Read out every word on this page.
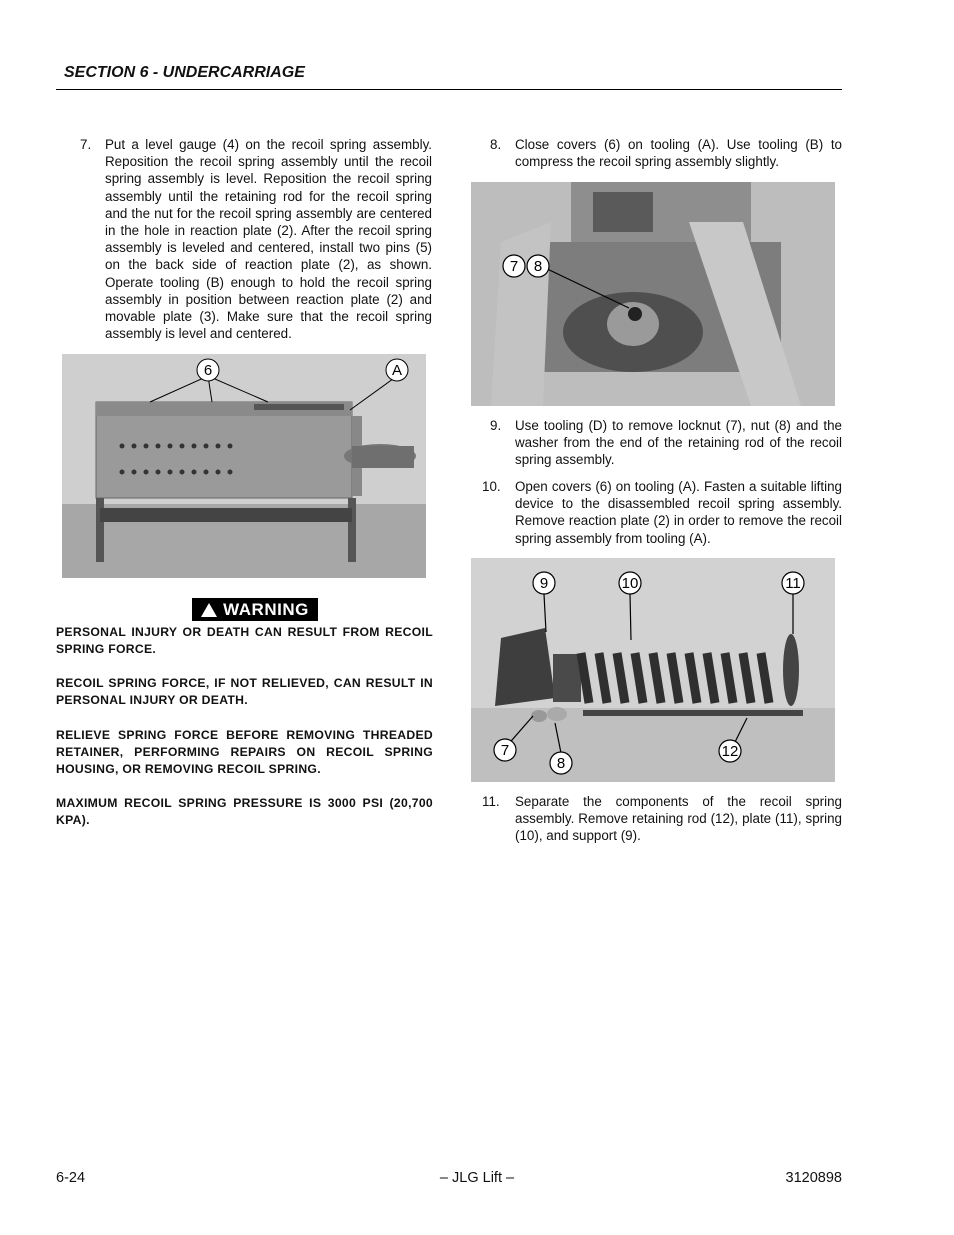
SECTION 6 - UNDERCARRIAGE
7. Put a level gauge (4) on the recoil spring assembly. Reposition the recoil spring assembly until the recoil spring assembly is level. Reposition the recoil spring assembly until the retaining rod for the recoil spring and the nut for the recoil spring assembly are centered in the hole in reaction plate (2). After the recoil spring assembly is leveled and centered, install two pins (5) on the back side of reaction plate (2), as shown. Operate tooling (B) enough to hold the recoil spring assembly in position between reaction plate (2) and movable plate (3). Make sure that the recoil spring assembly is level and centered.
6	A
WARNING
PERSONAL INJURY OR DEATH CAN RESULT FROM RECOIL SPRING FORCE.
RECOIL SPRING FORCE, IF NOT RELIEVED, CAN RESULT IN PERSONAL INJURY OR DEATH.
RELIEVE SPRING FORCE BEFORE REMOVING THREADED RETAINER, PERFORMING REPAIRS ON RECOIL SPRING HOUSING, OR REMOVING RECOIL SPRING.
MAXIMUM RECOIL SPRING PRESSURE IS 3000 PSI (20,700 KPA).
8. Close covers (6) on tooling (A). Use tooling (B) to compress the recoil spring assembly slightly.
7 8
9. Use tooling (D) to remove locknut (7), nut (8) and the washer from the end of the retaining rod of the recoil spring assembly.
10. Open covers (6) on tooling (A). Fasten a suitable lifting device to the disassembled recoil spring assembly. Remove reaction plate (2) in order to remove the recoil spring assembly from tooling (A).
9	10	11
7
8
12
11. Separate the components of the recoil spring assembly. Remove retaining rod (12), plate (11), spring (10), and support (9).
6-24	– JLG Lift –	3120898
